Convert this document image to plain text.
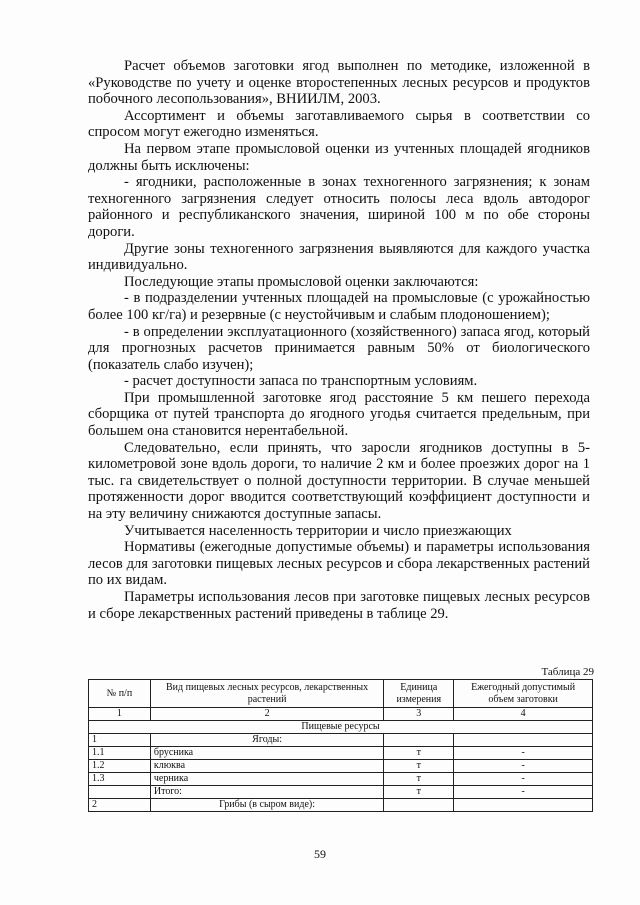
Расчет объемов заготовки ягод выполнен по методике, изложенной в «Руководстве по учету и оценке второстепенных лесных ресурсов и продуктов побочного лесопользования», ВНИИЛМ, 2003.

Ассортимент и объемы заготавливаемого сырья в соответствии со спросом могут ежегодно изменяться.

На первом этапе промысловой оценки из учтенных площадей ягодников должны быть исключены:

- ягодники, расположенные в зонах техногенного загрязнения; к зонам техногенного загрязнения следует относить полосы леса вдоль автодорог районного и республиканского значения, шириной 100 м по обе стороны дороги.

Другие зоны техногенного загрязнения выявляются для каждого участка индивидуально.

Последующие этапы промысловой оценки заключаются:

- в подразделении учтенных площадей на промысловые (с урожайностью более 100 кг/га) и резервные (с неустойчивым и слабым плодоношением);

- в определении эксплуатационного (хозяйственного) запаса ягод, который для прогнозных расчетов принимается равным 50% от биологического (показатель слабо изучен);

- расчет доступности запаса по транспортным условиям.

При промышленной заготовке ягод расстояние 5 км пешего перехода сборщика от путей транспорта до ягодного угодья считается предельным, при большем она становится нерентабельной.

Следовательно, если принять, что заросли ягодников доступны в 5-километровой зоне вдоль дороги, то наличие 2 км и более проезжих дорог на 1 тыс. га свидетельствует о полной доступности территории. В случае меньшей протяженности дорог вводится соответствующий коэффициент доступности и на эту величину снижаются доступные запасы.

Учитывается населенность территории и число приезжающих

Нормативы (ежегодные допустимые объемы) и параметры использования лесов для заготовки пищевых лесных ресурсов и сбора лекарственных растений по их видам.

Параметры использования лесов при заготовке пищевых лесных ресурсов и сборе лекарственных растений приведены в таблице 29.

Таблица 29
№ п/п	Вид пищевых лесных ресурсов, лекарственных растений	Единица измерения	Ежегодный допустимый объем заготовки
1	2	3	4
Пищевые ресурсы			
1	Ягоды:		
1.1	брусника	т	-
1.2	клюква	т	-
1.3	черника	т	-
	Итого:	т	-
2	Грибы (в сыром виде):		
59
